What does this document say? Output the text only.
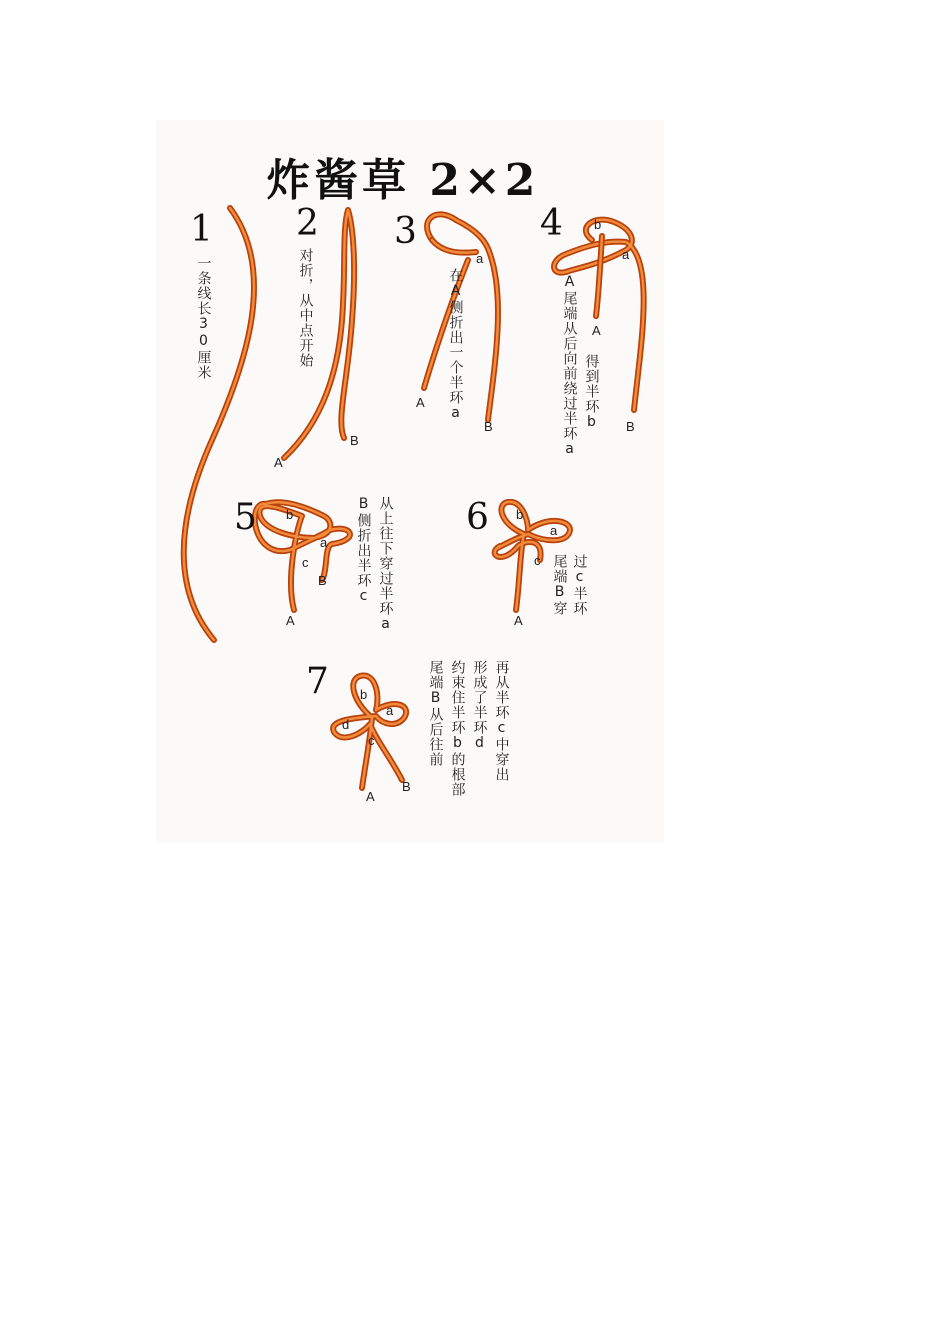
炸酱草 2×2
1
一条线长30厘米
2
对折，从中点开始
A
B
3
在A侧折出一个半环a
a
A
B
4
A尾端从后向前绕过半环a 得到半环b
b
a
A
B
5	B侧折出半环c 从上往下穿过半环a
b
a
c
B
A
6
尾端B穿 过c半环
b
a
c
A
7	尾端B从后往前 约束住半环b的根部 形成了半环d 再从半环c中穿出
b
a
d
c
A
B
